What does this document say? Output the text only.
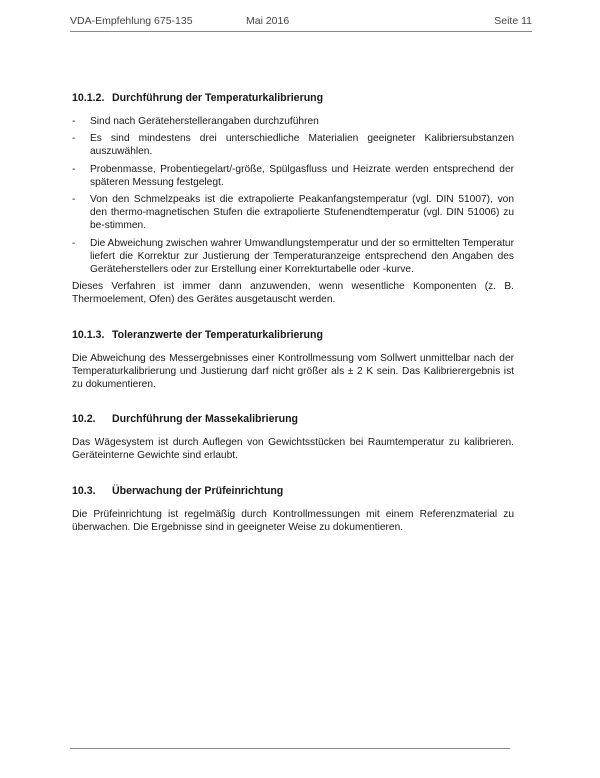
VDA-Empfehlung 675-135	Mai 2016	Seite 11
10.1.2. Durchführung der Temperaturkalibrierung
- Sind nach Geräteherstellerangaben durchzuführen
- Es sind mindestens drei unterschiedliche Materialien geeigneter Kalibriersubstanzen auszuwählen.
- Probenmasse, Probentiegelart/-größe, Spülgasfluss und Heizrate werden entsprechend der späteren Messung festgelegt.
- Von den Schmelzpeaks ist die extrapolierte Peakanfangstemperatur (vgl. DIN 51007), von den thermo-magnetischen Stufen die extrapolierte Stufenendtemperatur (vgl. DIN 51006) zu be-stimmen.
- Die Abweichung zwischen wahrer Umwandlungstemperatur und der so ermittelten Temperatur liefert die Korrektur zur Justierung der Temperaturanzeige entsprechend den Angaben des Geräteherstellers oder zur Erstellung einer Korrekturtabelle oder -kurve.

Dieses Verfahren ist immer dann anzuwenden, wenn wesentliche Komponenten (z. B. Thermoelement, Ofen) des Gerätes ausgetauscht werden.

10.1.3. Toleranzwerte der Temperaturkalibrierung

Die Abweichung des Messergebnisses einer Kontrollmessung vom Sollwert unmittelbar nach der Temperaturkalibrierung und Justierung darf nicht größer als ± 2 K sein. Das Kalibrierergebnis ist zu dokumentieren.

10.2. Durchführung der Massekalibrierung

Das Wägesystem ist durch Auflegen von Gewichtsstücken bei Raumtemperatur zu kalibrieren. Geräteinterne Gewichte sind erlaubt.

10.3. Überwachung der Prüfeinrichtung

Die Prüfeinrichtung ist regelmäßig durch Kontrollmessungen mit einem Referenzmaterial zu überwachen. Die Ergebnisse sind in geeigneter Weise zu dokumentieren.
